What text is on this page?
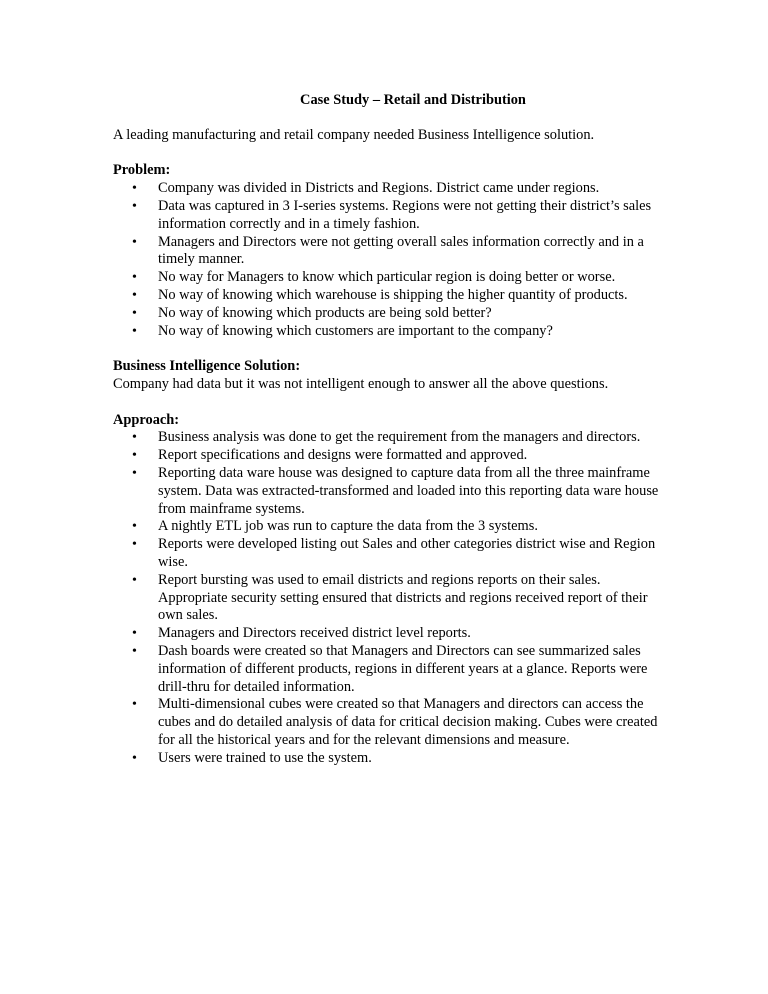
Case Study – Retail and Distribution
A leading manufacturing and retail company needed Business Intelligence solution.
Problem:
• Company was divided in Districts and Regions. District came under regions.
• Data was captured in 3 I-series systems. Regions were not getting their district’s sales information correctly and in a timely fashion.
• Managers and Directors were not getting overall sales information correctly and in a timely manner.
• No way for Managers to know which particular region is doing better or worse.
• No way of knowing which warehouse is shipping the higher quantity of products.
• No way of knowing which products are being sold better?
• No way of knowing which customers are important to the company?
Business Intelligence Solution:
Company had data but it was not intelligent enough to answer all the above questions.
Approach:
• Business analysis was done to get the requirement from the managers and directors.
• Report specifications and designs were formatted and approved.
• Reporting data ware house was designed to capture data from all the three mainframe system. Data was extracted-transformed and loaded into this reporting data ware house from mainframe systems.
• A nightly ETL job was run to capture the data from the 3 systems.
• Reports were developed listing out Sales and other categories district wise and Region wise.
• Report bursting was used to email districts and regions reports on their sales. Appropriate security setting ensured that districts and regions received report of their own sales.
• Managers and Directors received district level reports.
• Dash boards were created so that Managers and Directors can see summarized sales information of different products, regions in different years at a glance. Reports were drill-thru for detailed information.
• Multi-dimensional cubes were created so that Managers and directors can access the cubes and do detailed analysis of data for critical decision making. Cubes were created for all the historical years and for the relevant dimensions and measure.
• Users were trained to use the system.
